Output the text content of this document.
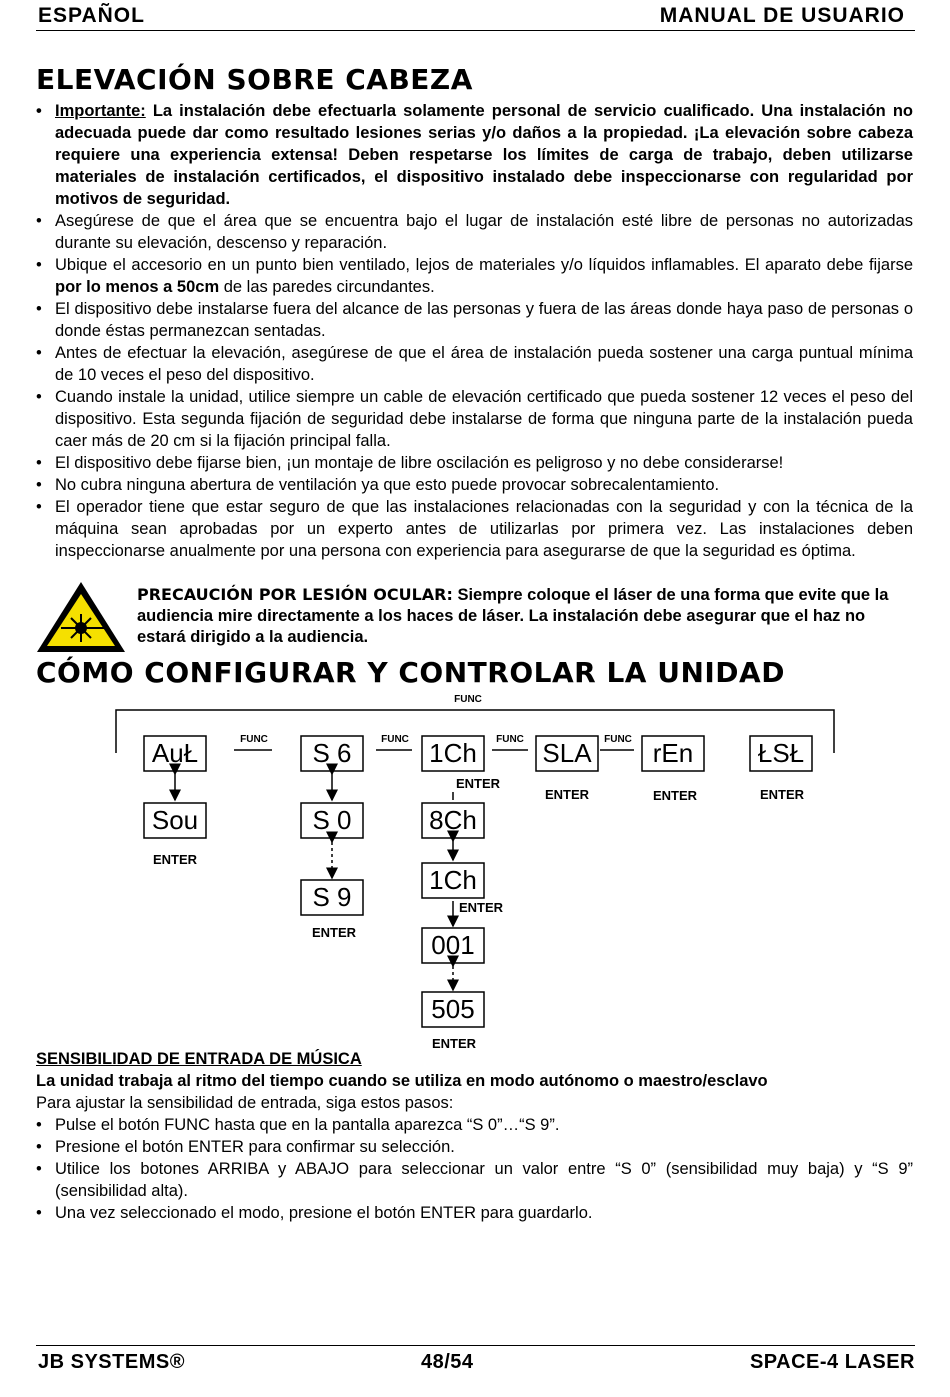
ESPAÑOL	MANUAL DE USUARIO
ELEVACIÓN SOBRE CABEZA
• Importante: La instalación debe efectuarla solamente personal de servicio cualificado. Una instalación no adecuada puede dar como resultado lesiones serias y/o daños a la propiedad. ¡La elevación sobre cabeza requiere una experiencia extensa! Deben respetarse los límites de carga de trabajo, deben utilizarse materiales de instalación certificados, el dispositivo instalado debe inspeccionarse con regularidad por motivos de seguridad.
• Asegúrese de que el área que se encuentra bajo el lugar de instalación esté libre de personas no autorizadas durante su elevación, descenso y reparación.
• Ubique el accesorio en un punto bien ventilado, lejos de materiales y/o líquidos inflamables. El aparato debe fijarse por lo menos a 50cm de las paredes circundantes.
• El dispositivo debe instalarse fuera del alcance de las personas y fuera de las áreas donde haya paso de personas o donde éstas permanezcan sentadas.
• Antes de efectuar la elevación, asegúrese de que el área de instalación pueda sostener una carga puntual mínima de 10 veces el peso del dispositivo.
• Cuando instale la unidad, utilice siempre un cable de elevación certificado que pueda sostener 12 veces el peso del dispositivo. Esta segunda fijación de seguridad debe instalarse de forma que ninguna parte de la instalación pueda caer más de 20 cm si la fijación principal falla.
• El dispositivo debe fijarse bien, ¡un montaje de libre oscilación es peligroso y no debe considerarse!
• No cubra ninguna abertura de ventilación ya que esto puede provocar sobrecalentamiento.
• El operador tiene que estar seguro de que las instalaciones relacionadas con la seguridad y con la técnica de la máquina sean aprobadas por un experto antes de utilizarlas por primera vez. Las instalaciones deben inspeccionarse anualmente por una persona con experiencia para asegurarse de que la seguridad es óptima.
PRECAUCIÓN POR LESIÓN OCULAR: Siempre coloque el láser de una forma que evite que la audiencia mire directamente a los haces de láser. La instalación debe asegurar que el haz no estará dirigido a la audiencia.
CÓMO CONFIGURAR Y CONTROLAR LA UNIDAD
FUNC
AuŁ	S 6	1Ch	SLA rEn ŁSŁ
FUNC	FUNC	FUNC	FUNC
ENTER
ENTER	ENTER	ENTER
Sou
ENTER
S 0
S 9
ENTER
8Ch
1Ch
ENTER
001
505
ENTER
SENSIBILIDAD DE ENTRADA DE MÚSICA
La unidad trabaja al ritmo del tiempo cuando se utiliza en modo autónomo o maestro/esclavo
Para ajustar la sensibilidad de entrada, siga estos pasos:
• Pulse el botón FUNC hasta que en la pantalla aparezca “S 0”…“S 9”.
• Presione el botón ENTER para confirmar su selección.
• Utilice los botones ARRIBA y ABAJO para seleccionar un valor entre “S 0” (sensibilidad muy baja) y “S 9” (sensibilidad alta).
• Una vez seleccionado el modo, presione el botón ENTER para guardarlo.
JB SYSTEMS®	48/54	SPACE-4 LASER
